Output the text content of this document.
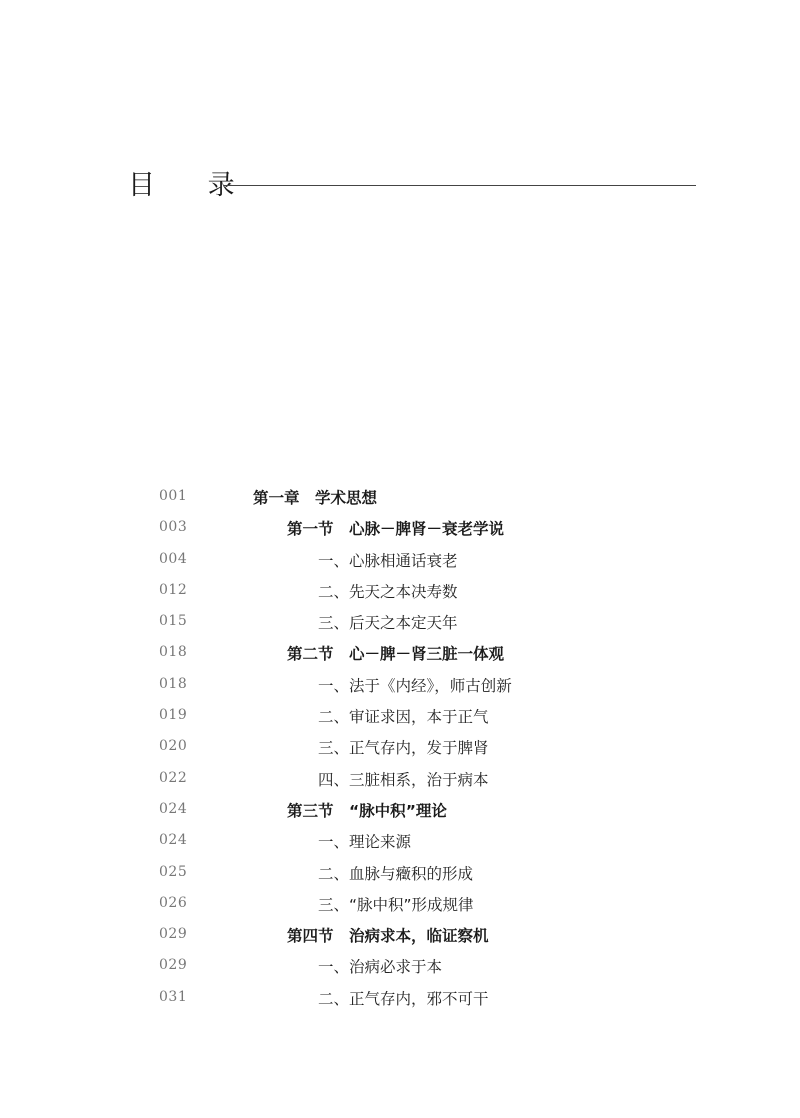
目 录
001	第一章　学术思想
003	第一节　心脉－脾肾－衰老学说
004	一、心脉相通话衰老
012	二、先天之本决寿数
015	三、后天之本定天年
018	第二节　心－脾－肾三脏一体观
018	一、法于《内经》，师古创新
019	二、审证求因，本于正气
020	三、正气存内，发于脾肾
022	四、三脏相系，治于病本
024	第三节　“脉中积”理论
024	一、理论来源
025	二、血脉与癥积的形成
026	三、“脉中积”形成规律
029	第四节　治病求本，临证察机
029	一、治病必求于本
031	二、正气存内，邪不可干
